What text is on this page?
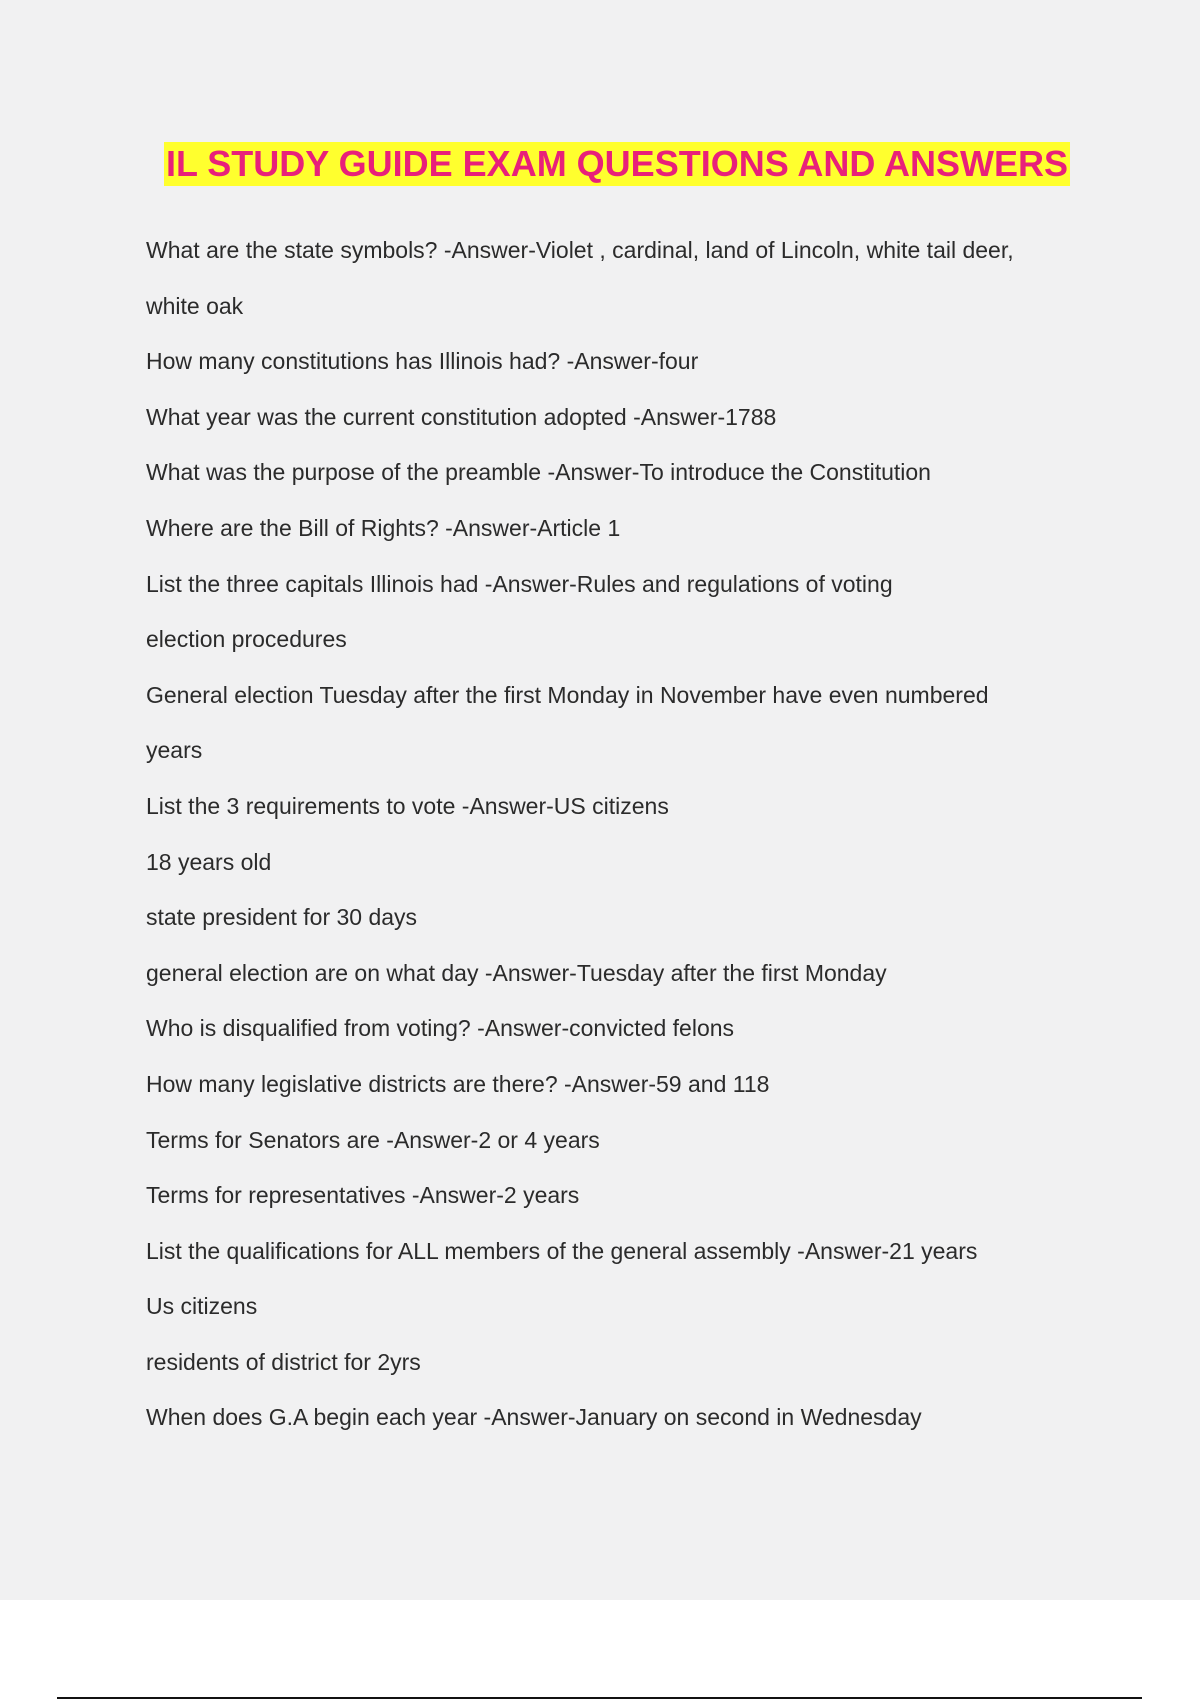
IL STUDY GUIDE EXAM QUESTIONS AND ANSWERS
What are the state symbols? -Answer-Violet , cardinal, land of Lincoln, white tail deer,
white oak
How many constitutions has Illinois had? -Answer-four
What year was the current constitution adopted -Answer-1788
What was the purpose of the preamble -Answer-To introduce the Constitution
Where are the Bill of Rights? -Answer-Article 1
List the three capitals Illinois had -Answer-Rules and regulations of voting
election procedures
General election Tuesday after the first Monday in November have even numbered
years
List the 3 requirements to vote -Answer-US citizens
18 years old
state president for 30 days
general election are on what day -Answer-Tuesday after the first Monday
Who is disqualified from voting? -Answer-convicted felons
How many legislative districts are there? -Answer-59 and 118
Terms for Senators are -Answer-2 or 4 years
Terms for representatives -Answer-2 years
List the qualifications for ALL members of the general assembly -Answer-21 years
Us citizens
residents of district for 2yrs
When does G.A begin each year -Answer-January on second in Wednesday
